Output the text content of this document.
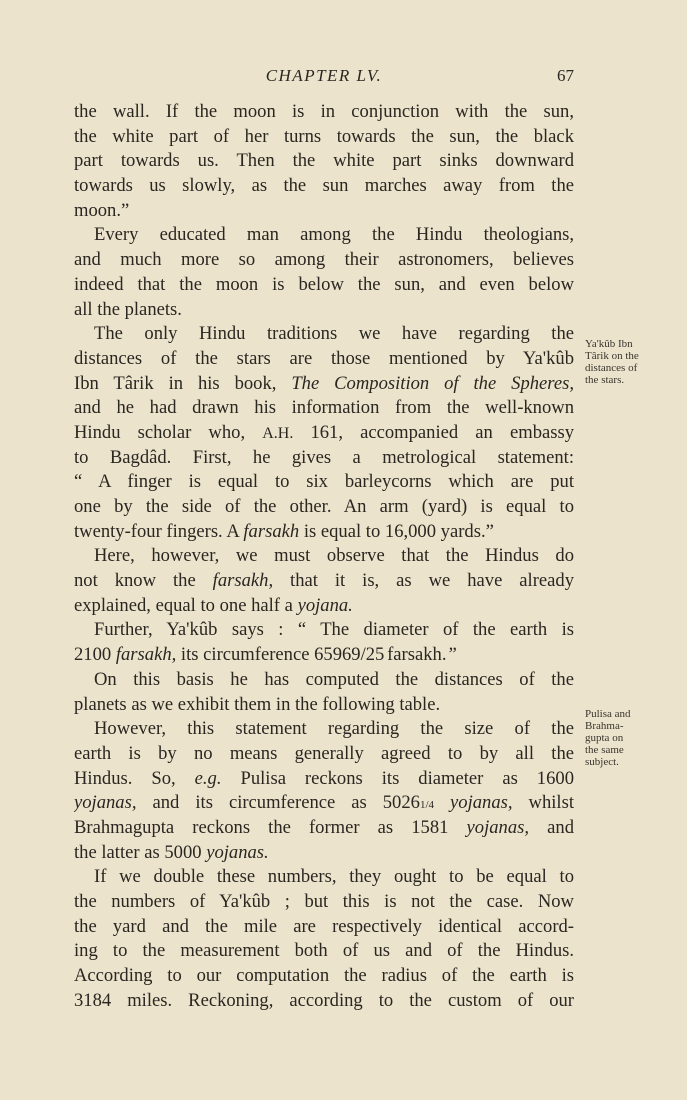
CHAPTER LV.	67
the wall. If the moon is in conjunction with the sun,
the white part of her turns towards the sun, the black
part towards us. Then the white part sinks downward
towards us slowly, as the sun marches away from the
moon.”
Every educated man among the Hindu theologians,
and much more so among their astronomers, believes
indeed that the moon is below the sun, and even below
all the planets.
The only Hindu traditions we have regarding the
distances of the stars are those mentioned by Ya'kûb
Ibn Târik in his book, The Composition of the Spheres,
and he had drawn his information from the well-known
Hindu scholar who, A.H. 161, accompanied an embassy
to Bagdâd. First, he gives a metrological statement:
“ A finger is equal to six barleycorns which are put
one by the side of the other. An arm (yard) is equal to
twenty-four fingers. A farsakh is equal to 16,000 yards.”
Here, however, we must observe that the Hindus do
not know the farsakh, that it is, as we have already
explained, equal to one half a yojana.
Further, Ya'kûb says : “ The diameter of the earth is
2100 farsakh, its circumference 65969/25 farsakh.”
On this basis he has computed the distances of the
planets as we exhibit them in the following table.
However, this statement regarding the size of the
earth is by no means generally agreed to by all the
Hindus. So, e.g. Pulisa reckons its diameter as 1600
yojanas, and its circumference as 50261/4 yojanas, whilst
Brahmagupta reckons the former as 1581 yojanas, and
the latter as 5000 yojanas.
If we double these numbers, they ought to be equal to
the numbers of Ya'kûb ; but this is not the case. Now
the yard and the mile are respectively identical accord-
ing to the measurement both of us and of the Hindus.
According to our computation the radius of the earth is
3184 miles. Reckoning, according to the custom of our
Ya'kûb Ibn
Târik on the
distances of
the stars.
Pulisa and
Brahma-
gupta on
the same
subject.
